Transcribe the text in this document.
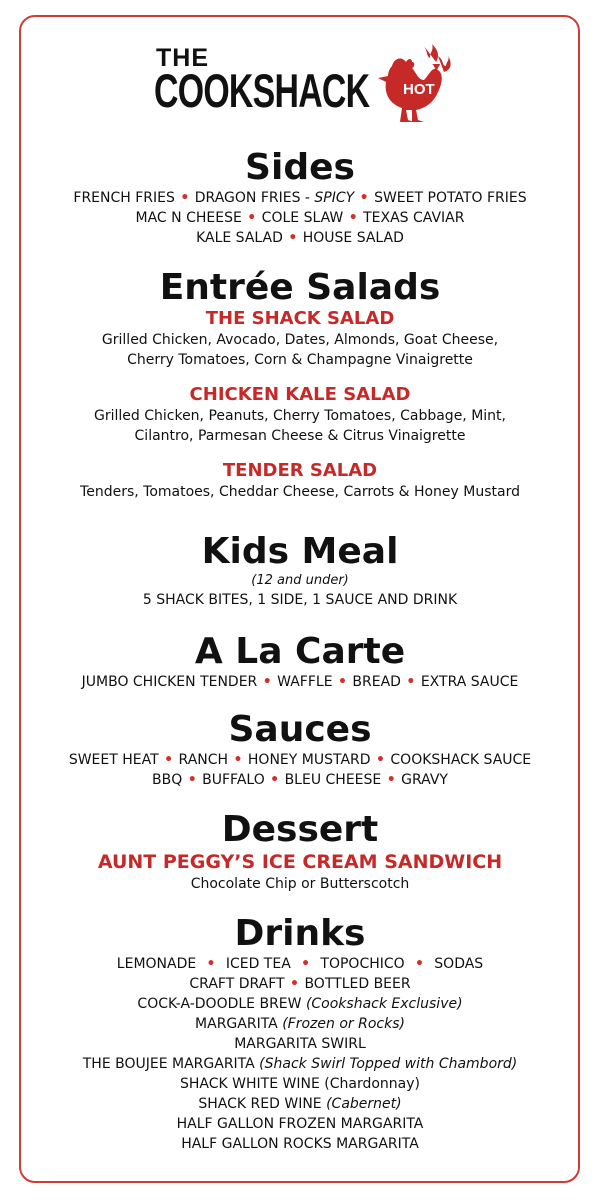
THE
COOKSHACK HOT
Sides
FRENCH FRIES • DRAGON FRIES - SPICY • SWEET POTATO FRIES
MAC N CHEESE • COLE SLAW • TEXAS CAVIAR
KALE SALAD • HOUSE SALAD
Entrée Salads
THE SHACK SALAD
Grilled Chicken, Avocado, Dates, Almonds, Goat Cheese,
Cherry Tomatoes, Corn & Champagne Vinaigrette
CHICKEN KALE SALAD
Grilled Chicken, Peanuts, Cherry Tomatoes, Cabbage, Mint,
Cilantro, Parmesan Cheese & Citrus Vinaigrette
TENDER SALAD
Tenders, Tomatoes, Cheddar Cheese, Carrots & Honey Mustard
Kids Meal
(12 and under)
5 SHACK BITES, 1 SIDE, 1 SAUCE AND DRINK
A La Carte
JUMBO CHICKEN TENDER • WAFFLE • BREAD • EXTRA SAUCE
Sauces
SWEET HEAT • RANCH • HONEY MUSTARD • COOKSHACK SAUCE
BBQ • BUFFALO • BLEU CHEESE • GRAVY
Dessert
AUNT PEGGY’S ICE CREAM SANDWICH
Chocolate Chip or Butterscotch
Drinks
LEMONADE  •  ICED TEA  •  TOPOCHICO  •  SODAS
CRAFT DRAFT • BOTTLED BEER
COCK-A-DOODLE BREW (Cookshack Exclusive)
MARGARITA (Frozen or Rocks)
MARGARITA SWIRL
THE BOUJEE MARGARITA (Shack Swirl Topped with Chambord)
SHACK WHITE WINE (Chardonnay)
SHACK RED WINE (Cabernet)
HALF GALLON FROZEN MARGARITA
HALF GALLON ROCKS MARGARITA
